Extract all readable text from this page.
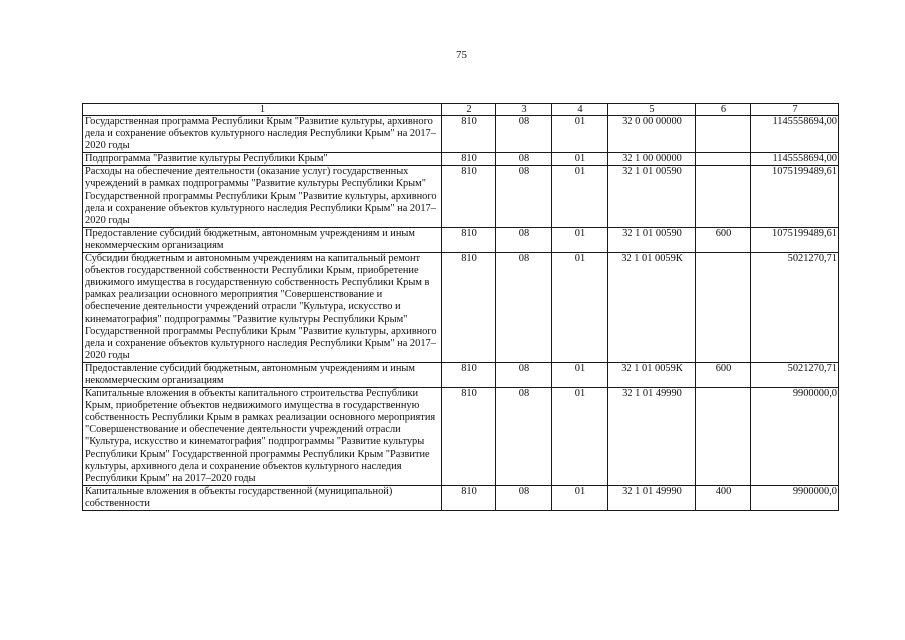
75
1	2	3	4	5	6	7
Государственная программа Республики Крым "Развитие культуры, архивного дела и сохранение объектов культурного наследия Республики Крым" на 2017–2020 годы	810	08	01	32 0 00 00000		1145558694,00
Подпрограмма "Развитие культуры Республики Крым"	810	08	01	32 1 00 00000		1145558694,00
Расходы на обеспечение деятельности (оказание услуг) государственных учреждений в рамках подпрограммы "Развитие культуры Республики Крым" Государственной программы Республики Крым "Развитие культуры, архивного дела и сохранение объектов культурного наследия Республики Крым" на 2017–2020 годы	810	08	01	32 1 01 00590		1075199489,61
Предоставление субсидий бюджетным, автономным учреждениям и иным некоммерческим организациям	810	08	01	32 1 01 00590	600	1075199489,61
Субсидии бюджетным и автономным учреждениям на капитальный ремонт объектов государственной собственности Республики Крым, приобретение движимого имущества в государственную собственность Республики Крым в рамках реализации основного мероприятия "Совершенствование и обеспечение деятельности учреждений отрасли "Культура, искусство и кинематография" подпрограммы "Развитие культуры Республики Крым" Государственной программы Республики Крым "Развитие культуры, архивного дела и сохранение объектов культурного наследия Республики Крым" на 2017–2020 годы	810	08	01	32 1 01 0059К		5021270,71
Предоставление субсидий бюджетным, автономным учреждениям и иным некоммерческим организациям	810	08	01	32 1 01 0059К	600	5021270,71
Капитальные вложения в объекты капитального строительства Республики Крым, приобретение объектов недвижимого имущества в государственную собственность Республики Крым в рамках реализации основного мероприятия "Совершенствование и обеспечение деятельности учреждений отрасли "Культура, искусство и кинематография" подпрограммы "Развитие культуры Республики Крым" Государственной программы Республики Крым "Развитие культуры, архивного дела и сохранение объектов культурного наследия Республики Крым" на 2017–2020 годы	810	08	01	32 1 01 49990		9900000,0
Капитальные вложения в объекты государственной (муниципальной) собственности	810	08	01	32 1 01 49990	400	9900000,0
